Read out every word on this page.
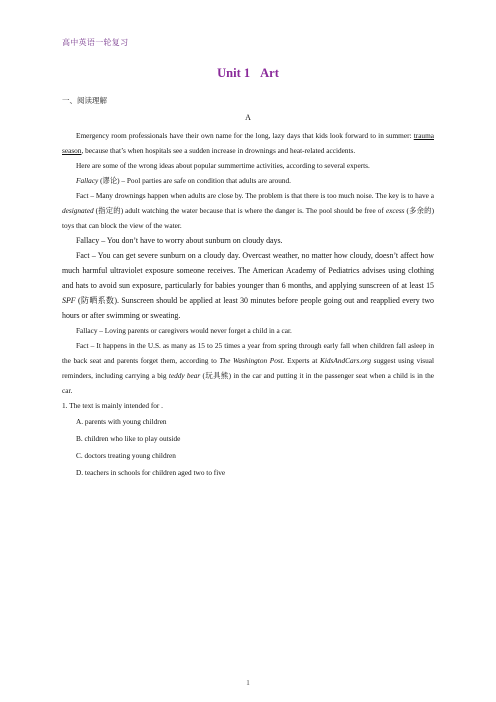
高中英语一轮复习
Unit 1 Art
一、阅读理解
A

Emergency room professionals have their own name for the long, lazy days that kids look forward to in summer: trauma season, because that’s when hospitals see a sudden increase in drownings and heat-related accidents.

Here are some of the wrong ideas about popular summertime activities, according to several experts.

Fallacy (谬论) – Pool parties are safe on condition that adults are around.

Fact – Many drownings happen when adults are close by. The problem is that there is too much noise. The key is to have a designated (指定的) adult watching the water because that is where the danger is. The pool should be free of excess (多余的) toys that can block the view of the water.

Fallacy – You don’t have to worry about sunburn on cloudy days.

Fact – You can get severe sunburn on a cloudy day. Overcast weather, no matter how cloudy, doesn’t affect how much harmful ultraviolet exposure someone receives. The American Academy of Pediatrics advises using clothing and hats to avoid sun exposure, particularly for babies younger than 6 months, and applying sunscreen of at least 15 SPF (防晒系数). Sunscreen should be applied at least 30 minutes before people going out and reapplied every two hours or after swimming or sweating.

Fallacy – Loving parents or caregivers would never forget a child in a car.

Fact – It happens in the U.S. as many as 15 to 25 times a year from spring through early fall when children fall asleep in the back seat and parents forget them, according to The Washington Post. Experts at KidsAndCars.org suggest using visual reminders, including carrying a big teddy bear (玩具熊) in the car and putting it in the passenger seat when a child is in the car.

1. The text is mainly intended for .

A. parents with young children

B. children who like to play outside

C. doctors treating young children

D. teachers in schools for children aged two to five

1
